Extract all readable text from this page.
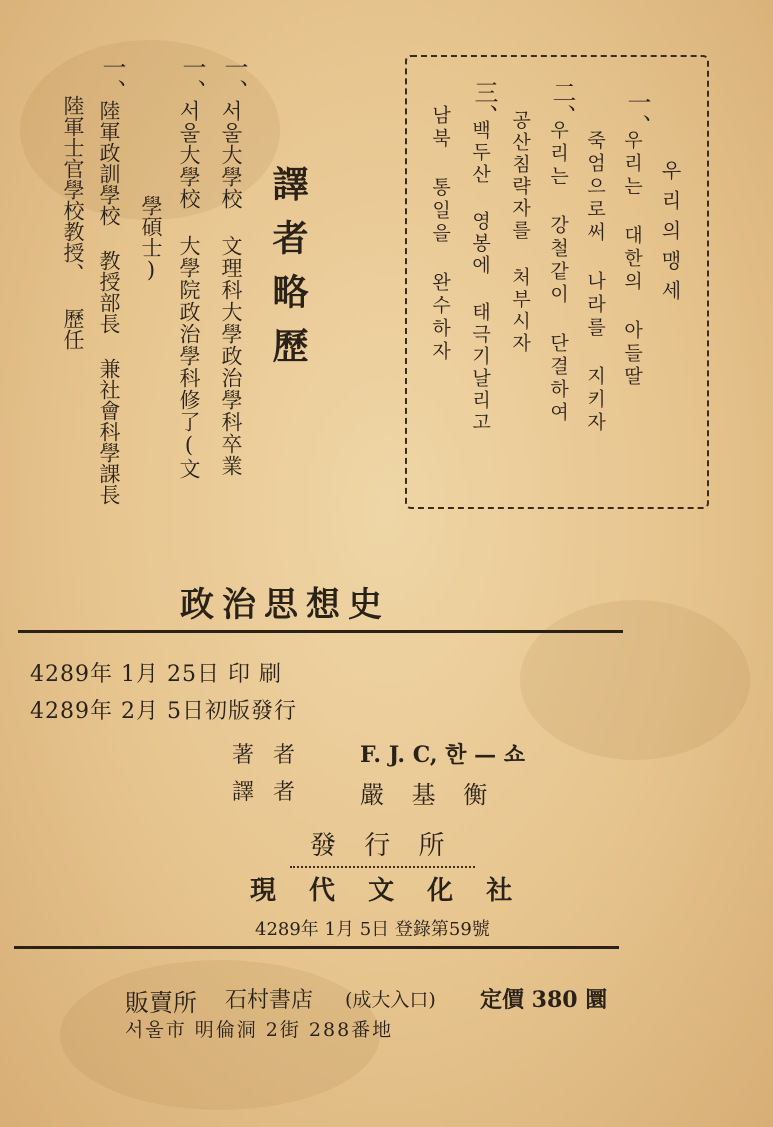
譯者略歷
一、
서울大學校 文理科大學政治學科卒業
一、
서울大學校 大學院政治學科修了(文
學碩士)
一、
陸軍政訓學校 教授部長 兼社會科學課長
陸軍士官學校教授、 歷任	우리의맹세
一、
우리는 대한의 아들딸
죽엄으로써 나라를 지키자
二、
우리는 강철같이 단결하여
공산침략자를 처부시자
三、
백두산 영봉에 태극기날리고
남북 통일을 완수하자
政治思想史
4289年 1月 25日 印 刷
4289年 2月 5日初版發行
著 者	F. J. C, 한 — 쇼
譯 者 嚴 基 衡
發 行 所
現 代 文 化 社
4289年 1月 5日 登錄第59號
販賣所 石村書店 (成大入口) 定價 380 圜
서울市 明倫洞 2街 288番地
